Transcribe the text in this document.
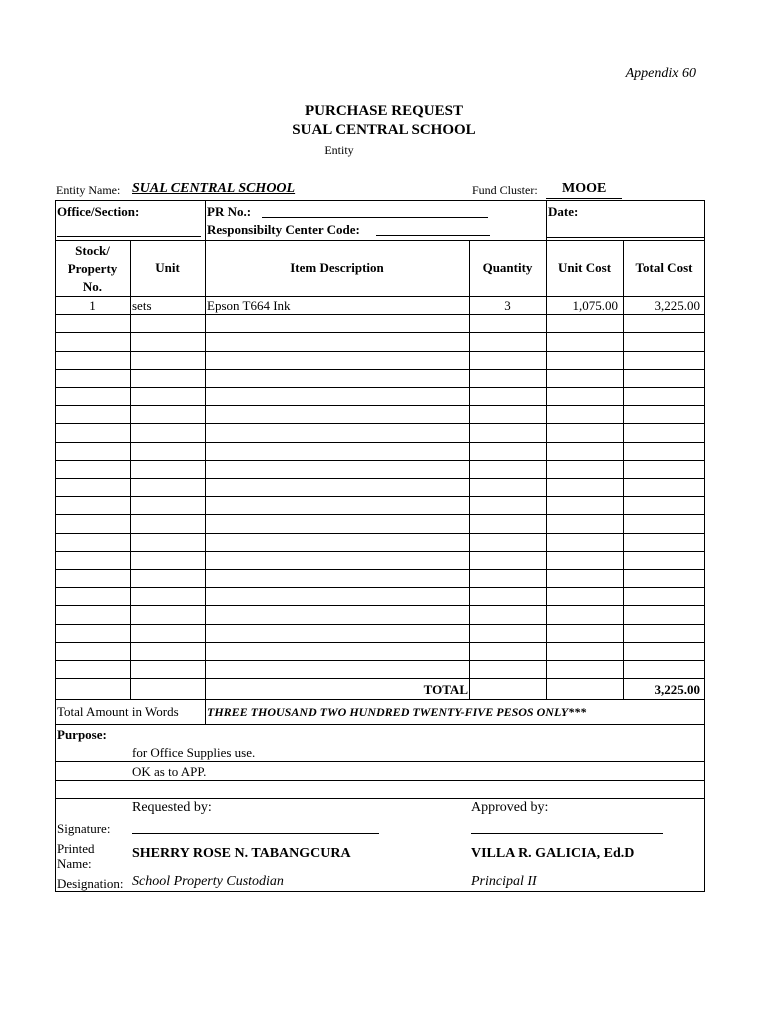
Appendix 60
PURCHASE REQUEST
SUAL CENTRAL SCHOOL
Entity
Entity Name: SUAL CENTRAL SCHOOL	Fund Cluster: MOOE
Office/Section:	PR No.:
Responsibilty Center Code:
Date:
Stock/
Property
No.
Unit	Item Description	Quantity	Unit Cost	Total Cost
1	sets	Epson T664 Ink	3	1,075.00	3,225.00
TOTAL	3,225.00
Total Amount in Words THREE THOUSAND TWO HUNDRED TWENTY-FIVE PESOS ONLY***
Purpose:
for Office Supplies use.
OK as to APP.
Requested by:	Approved by:
Signature:
Printed
Name:
SHERRY ROSE N. TABANGCURA	VILLA R. GALICIA, Ed.D
Designation: School Property Custodian	Principal II
